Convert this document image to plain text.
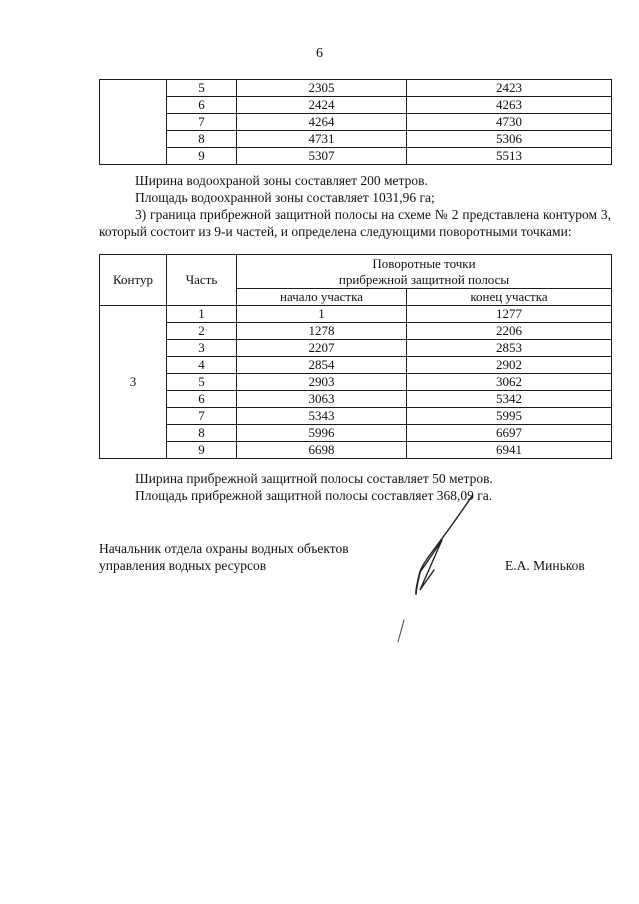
6
	5	2305	2423
	6	2424	4263
	7	4264	4730
	8	4731	5306
	9	5307	5513
Ширина водоохраной зоны составляет 200 метров.
Площадь водоохранной зоны составляет 1031,96 га;
3) граница прибрежной защитной полосы на схеме № 2 представлена контуром 3, который состоит из 9-и частей, и определена следующими поворотными точками:
Контур	Часть	Поворотные точки
прибрежной защитной полосы	
		начало участка	конец участка
3	1	1	1277
	2	1278	2206
	3	2207	2853
	4	2854	2902
	5	2903	3062
	6	3063	5342
	7	5343	5995
	8	5996	6697
	9	6698	6941
Ширина прибрежной защитной полосы составляет 50 метров.
Площадь прибрежной защитной полосы составляет 368,09 га.
Начальник отдела охраны водных объектов
управления водных ресурсов	Е.А. Миньков
